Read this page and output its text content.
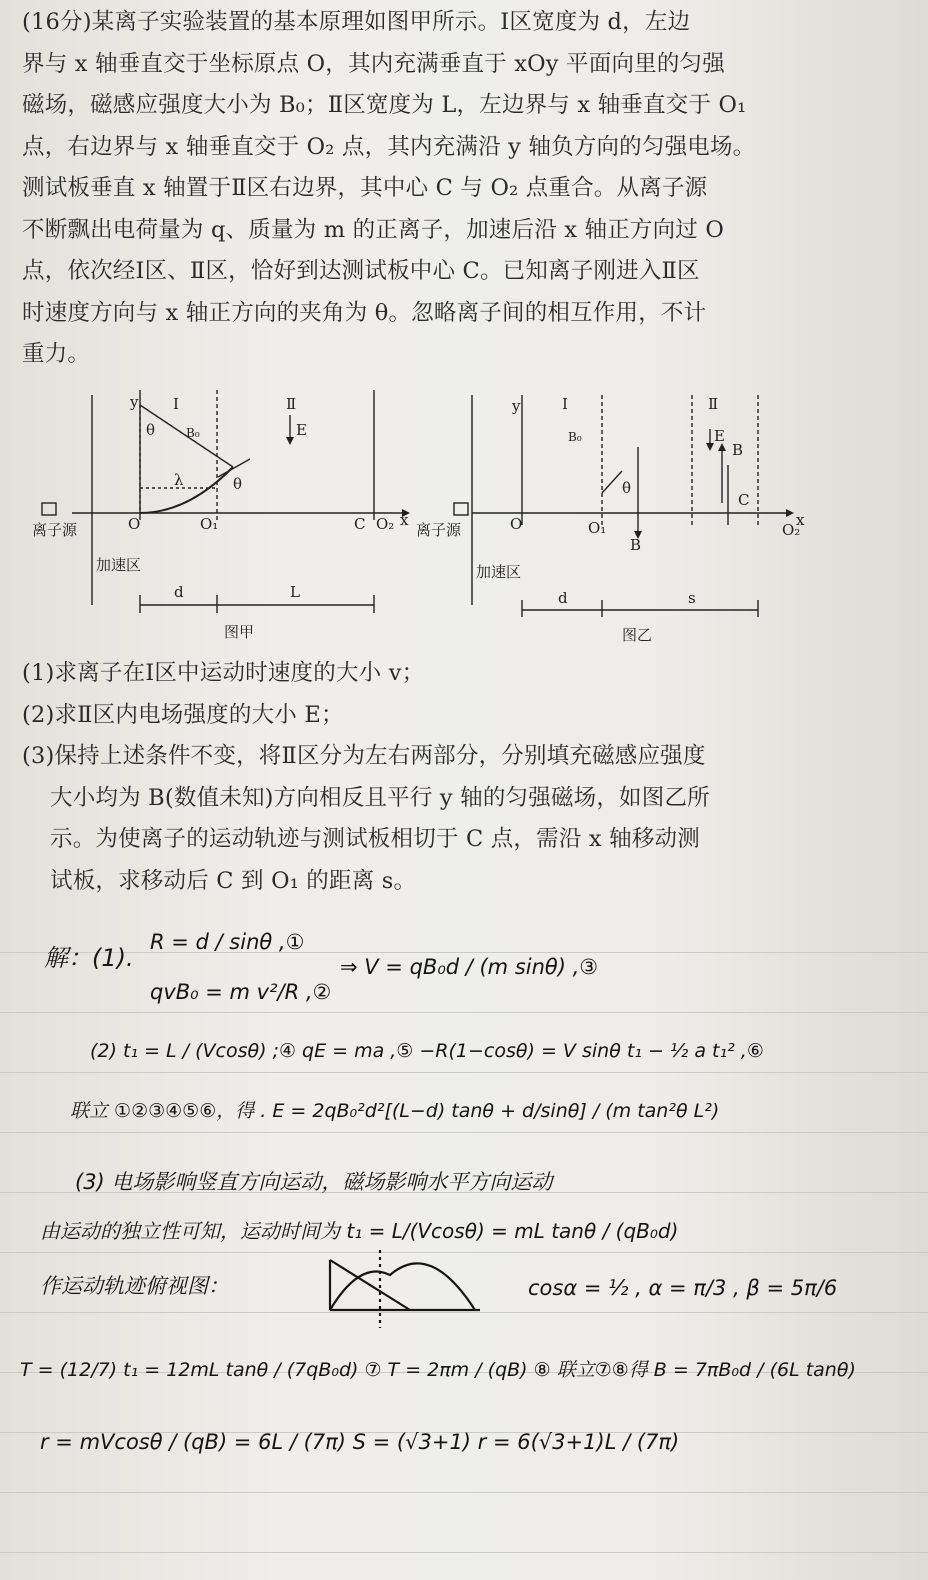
(16分)某离子实验装置的基本原理如图甲所示。Ⅰ区宽度为 d，左边

界与 x 轴垂直交于坐标原点 O，其内充满垂直于 xOy 平面向里的匀强

磁场，磁感应强度大小为 B₀；Ⅱ区宽度为 L，左边界与 x 轴垂直交于 O₁

点，右边界与 x 轴垂直交于 O₂ 点，其内充满沿 y 轴负方向的匀强电场。

测试板垂直 x 轴置于Ⅱ区右边界，其中心 C 与 O₂ 点重合。从离子源

不断飘出电荷量为 q、质量为 m 的正离子，加速后沿 x 轴正方向过 O

点，依次经Ⅰ区、Ⅱ区，恰好到达测试板中心 C。已知离子刚进入Ⅱ区

时速度方向与 x 轴正方向的夹角为 θ。忽略离子间的相互作用，不计

重力。

Ⅰ	Ⅱ
y
B₀	E
θ
θ
λ
O	O₁	C O₂ x
离子源
加速区
d	L
图甲
Ⅰ	Ⅱ
y
B₀	E
B
B
θ
O	O₁
C
O₂
x
离子源
加速区
d	s
图乙

(1)求离子在Ⅰ区中运动时速度的大小 v；

(2)求Ⅱ区内电场强度的大小 E；

(3)保持上述条件不变，将Ⅱ区分为左右两部分，分别填充磁感应强度

大小均为 B(数值未知)方向相反且平行 y 轴的匀强磁场，如图乙所

示。为使离子的运动轨迹与测试板相切于 C 点，需沿 x 轴移动测

试板，求移动后 C 到 O₁ 的距离 s。

解：(1).
R = d / sinθ ,①
qvB₀ = m v²/R ,②
⇒ V = qB₀d / (m sinθ) ,③
(2) t₁ = L / (Vcosθ) ;④ qE = ma ,⑤ −R(1−cosθ) = V sinθ t₁ − ½ a t₁² ,⑥
联立 ①②③④⑤⑥，得 . E = 2qB₀²d²[(L−d) tanθ + d/sinθ] / (m tan²θ L²)
(3) 电场影响竖直方向运动，磁场影响水平方向运动
由运动的独立性可知，运动时间为 t₁ = L/(Vcosθ) = mL tanθ / (qB₀d)
作运动轨迹俯视图：	cosα = ½ , α = π/3 , β = 5π/6
T = (12/7) t₁ = 12mL tanθ / (7qB₀d) ⑦ T = 2πm / (qB) ⑧ 联立⑦⑧得 B = 7πB₀d / (6L tanθ)
r = mVcosθ / (qB) = 6L / (7π) S = (√3+1) r = 6(√3+1)L / (7π)
